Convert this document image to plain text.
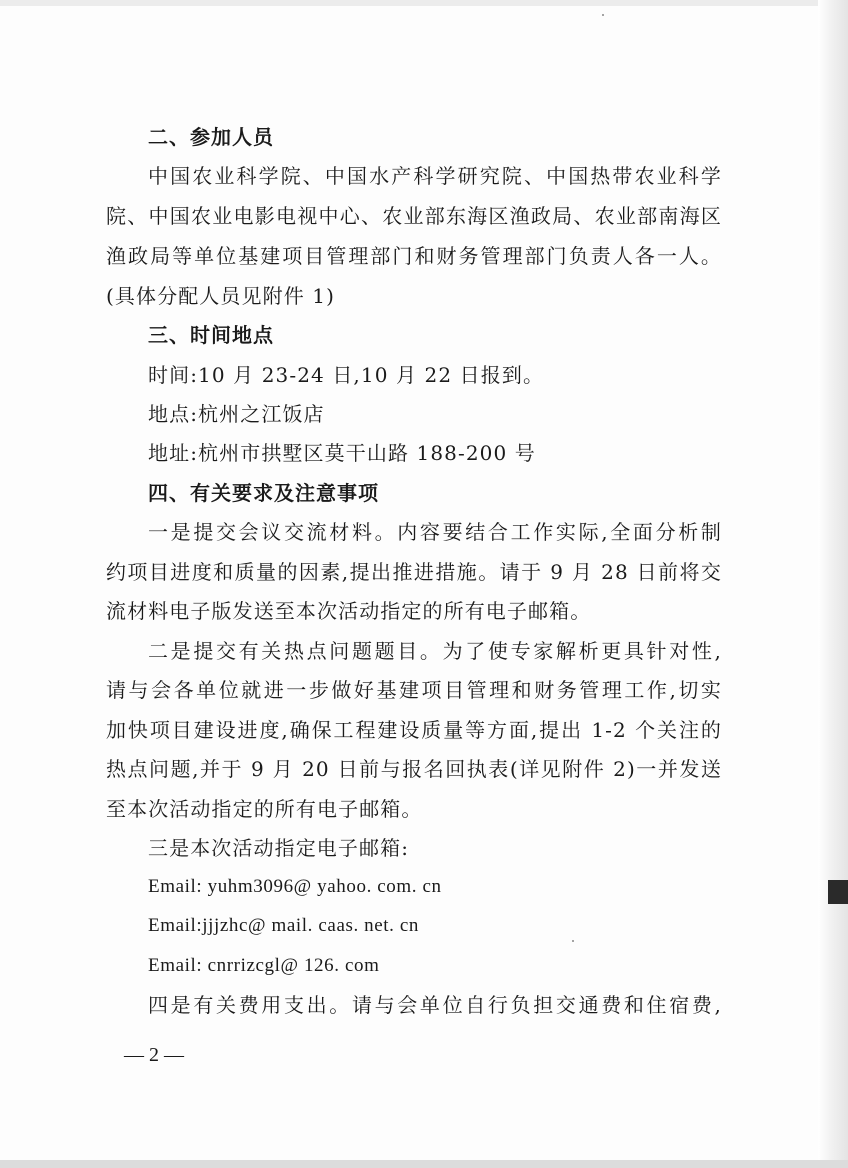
二、参加人员
中国农业科学院、中国水产科学研究院、中国热带农业科学
院、中国农业电影电视中心、农业部东海区渔政局、农业部南海区
渔政局等单位基建项目管理部门和财务管理部门负责人各一人。
(具体分配人员见附件 1)
三、时间地点
时间:10 月 23-24 日,10 月 22 日报到。
地点:杭州之江饭店
地址:杭州市拱墅区莫干山路 188-200 号
四、有关要求及注意事项
一是提交会议交流材料。内容要结合工作实际,全面分析制
约项目进度和质量的因素,提出推进措施。请于 9 月 28 日前将交
流材料电子版发送至本次活动指定的所有电子邮箱。
二是提交有关热点问题题目。为了使专家解析更具针对性,
请与会各单位就进一步做好基建项目管理和财务管理工作,切实
加快项目建设进度,确保工程建设质量等方面,提出 1-2 个关注的
热点问题,并于 9 月 20 日前与报名回执表(详见附件 2)一并发送
至本次活动指定的所有电子邮箱。
三是本次活动指定电子邮箱:
Email: yuhm3096@ yahoo. com. cn
Email:jjjzhc@ mail. caas. net. cn
Email: cnrrizcgl@ 126. com
四是有关费用支出。请与会单位自行负担交通费和住宿费,
— 2 —
